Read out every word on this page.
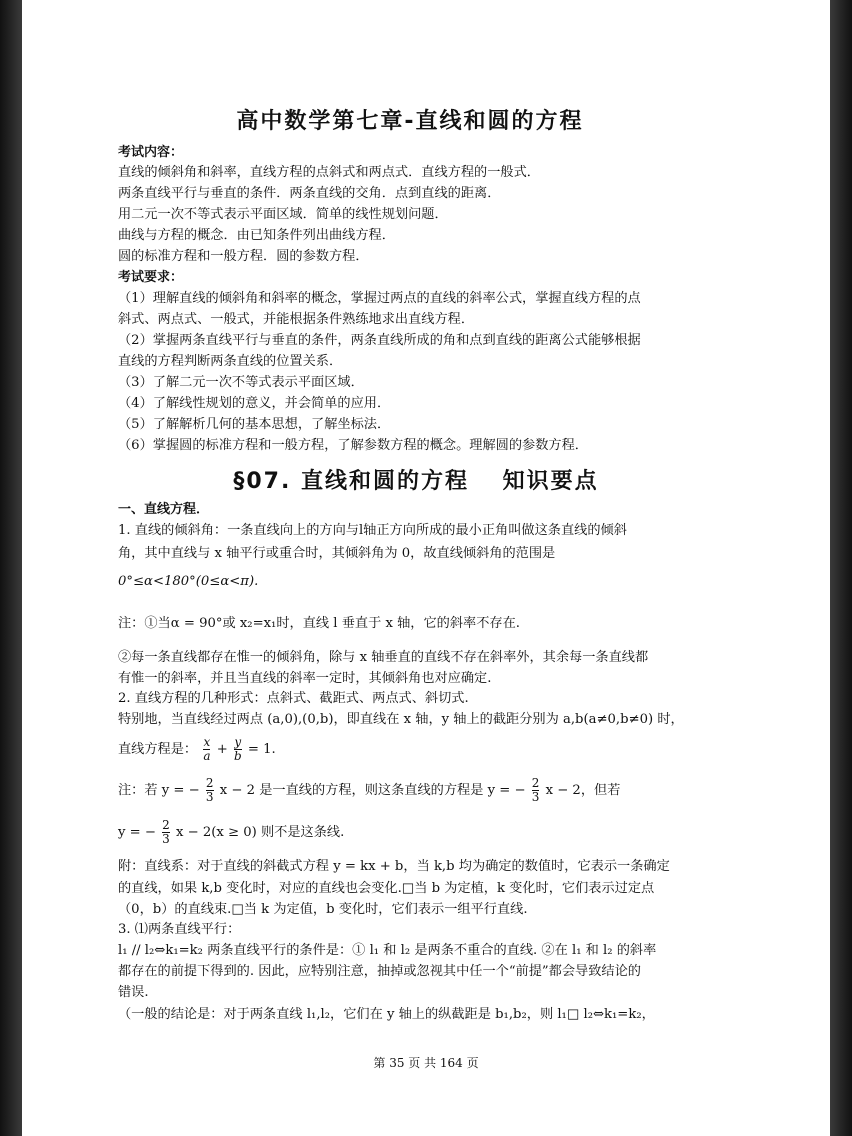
高中数学第七章-直线和圆的方程
考试内容：
直线的倾斜角和斜率，直线方程的点斜式和两点式．直线方程的一般式．
两条直线平行与垂直的条件．两条直线的交角．点到直线的距离．
用二元一次不等式表示平面区域．简单的线性规划问题．
曲线与方程的概念．由已知条件列出曲线方程．
圆的标准方程和一般方程．圆的参数方程．
考试要求：
（1）理解直线的倾斜角和斜率的概念，掌握过两点的直线的斜率公式，掌握直线方程的点
斜式、两点式、一般式，并能根据条件熟练地求出直线方程．
（2）掌握两条直线平行与垂直的条件，两条直线所成的角和点到直线的距离公式能够根据
直线的方程判断两条直线的位置关系．
（3）了解二元一次不等式表示平面区域．
（4）了解线性规划的意义，并会简单的应用．
（5）了解解析几何的基本思想，了解坐标法．
（6）掌握圆的标准方程和一般方程，了解参数方程的概念。理解圆的参数方程．
§07. 直线和圆的方程　 知识要点
一、直线方程．
1. 直线的倾斜角：一条直线向上的方向与l轴正方向所成的最小正角叫做这条直线的倾斜
角，其中直线与 x 轴平行或重合时，其倾斜角为 0，故直线倾斜角的范围是
0°≤α<180°(0≤α<π).
注：①当α = 90°或 x₂=x₁时，直线 l 垂直于 x 轴，它的斜率不存在.
②每一条直线都存在惟一的倾斜角，除与 x 轴垂直的直线不存在斜率外，其余每一条直线都
有惟一的斜率，并且当直线的斜率一定时，其倾斜角也对应确定.
2. 直线方程的几种形式：点斜式、截距式、两点式、斜切式.
特别地，当直线经过两点 (a,0),(0,b)，即直线在 x 轴，y 轴上的截距分别为 a,b(a≠0,b≠0) 时，
直线方程是： $\frac{x}{a} + \frac{y}{b} = 1$.
注：若 y = − $\frac{2}{3}$ x − 2 是一直线的方程，则这条直线的方程是 y = − $\frac{2}{3}$ x − 2，但若
y = − $\frac{2}{3}$ x − 2(x ≥ 0) 则不是这条线.
附：直线系：对于直线的斜截式方程 y = kx + b，当 k,b 均为确定的数值时，它表示一条确定
的直线，如果 k,b 变化时，对应的直线也会变化.□当 b 为定植，k 变化时，它们表示过定点
（0，b）的直线束.□当 k 为定值，b 变化时，它们表示一组平行直线.
3. ⑴两条直线平行：
l₁ // l₂⇔k₁=k₂ 两条直线平行的条件是：① l₁ 和 l₂ 是两条不重合的直线. ②在 l₁ 和 l₂ 的斜率
都存在的前提下得到的. 因此，应特别注意，抽掉或忽视其中任一个“前提”都会导致结论的
错误.
（一般的结论是：对于两条直线 l₁,l₂，它们在 y 轴上的纵截距是 b₁,b₂，则 l₁□ l₂⇔k₁=k₂，
第 35 页 共 164 页
